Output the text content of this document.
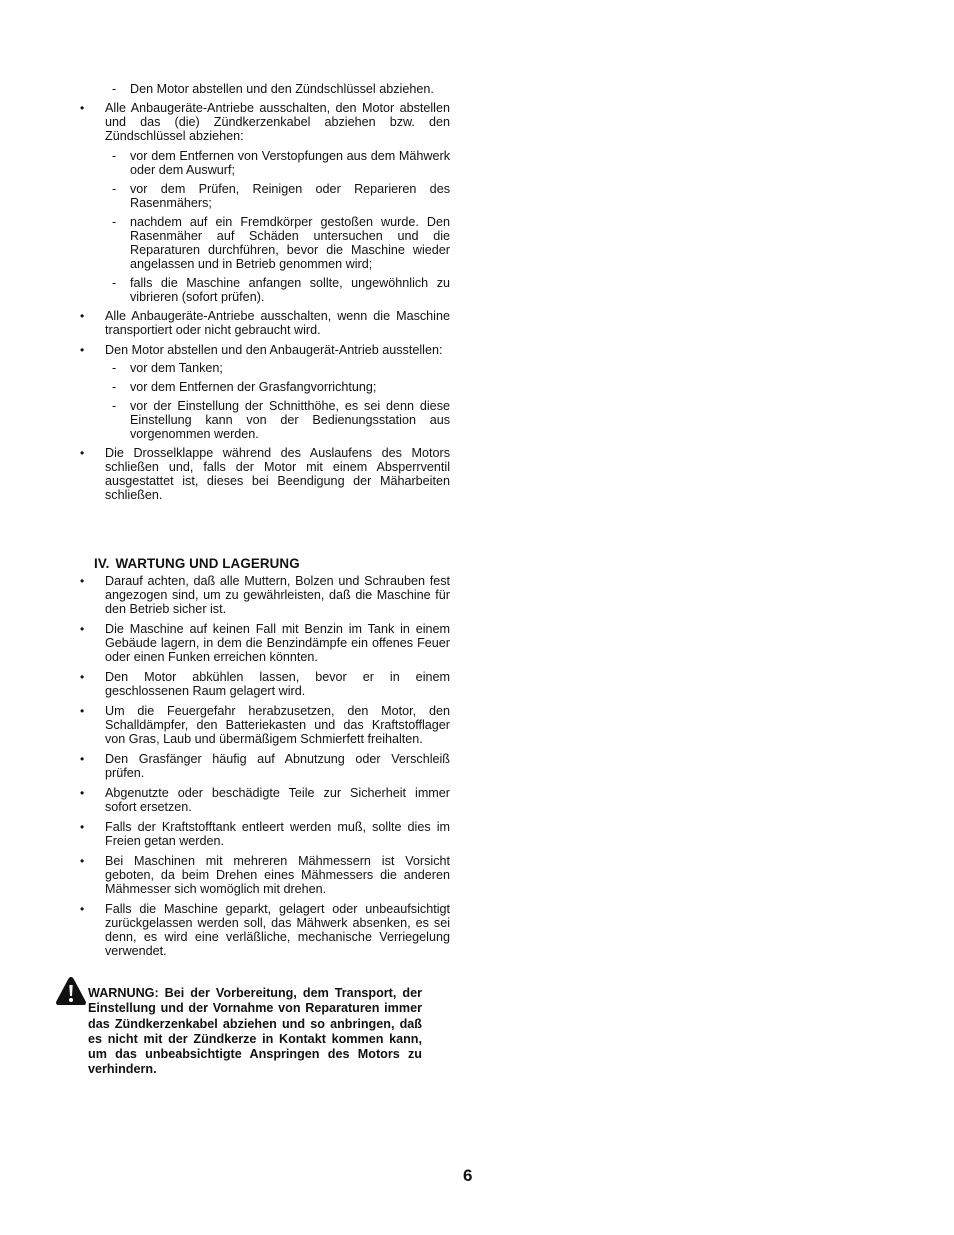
- Den Motor abstellen und den Zündschlüssel abziehen.
• Alle Anbaugeräte-Antriebe ausschalten, den Motor abstellen und das (die) Zündkerzenkabel abziehen bzw. den Zündschlüssel abziehen:
- vor dem Entfernen von Verstopfungen aus dem Mähwerk oder dem Auswurf;
- vor dem Prüfen, Reinigen oder Reparieren des Rasenmähers;
- nachdem auf ein Fremdkörper gestoßen wurde. Den Rasenmäher auf Schäden untersuchen und die Reparaturen durchführen, bevor die Maschine wieder angelassen und in Betrieb genommen wird;
- falls die Maschine anfangen sollte, ungewöhnlich zu vibrieren (sofort prüfen).
• Alle Anbaugeräte-Antriebe ausschalten, wenn die Maschine transportiert oder nicht gebraucht wird.
• Den Motor abstellen und den Anbaugerät-Antrieb ausstellen:
- vor dem Tanken;
- vor dem Entfernen der Grasfangvorrichtung;
- vor der Einstellung der Schnitthöhe, es sei denn diese Einstellung kann von der Bedienungsstation aus vorgenommen werden.
• Die Drosselklappe während des Auslaufens des Motors schließen und, falls der Motor mit einem Absperrventil ausgestattet ist, dieses bei Beendigung der Mäharbeiten schließen.
IV. WARTUNG UND LAGERUNG
• Darauf achten, daß alle Muttern, Bolzen und Schrauben fest angezogen sind, um zu gewährleisten, daß die Maschine für den Betrieb sicher ist.
• Die Maschine auf keinen Fall mit Benzin im Tank in einem Gebäude lagern, in dem die Benzindämpfe ein offenes Feuer oder einen Funken erreichen könnten.
• Den Motor abkühlen lassen, bevor er in einem geschlossenen Raum gelagert wird.
• Um die Feuergefahr herabzusetzen, den Motor, den Schalldämpfer, den Batteriekasten und das Kraftstofflager von Gras, Laub und übermäßigem Schmierfett freihalten.
• Den Grasfänger häufig auf Abnutzung oder Verschleiß prüfen.
• Abgenutzte oder beschädigte Teile zur Sicherheit immer sofort ersetzen.
• Falls der Kraftstofftank entleert werden muß, sollte dies im Freien getan werden.
• Bei Maschinen mit mehreren Mähmessern ist Vorsicht geboten, da beim Drehen eines Mähmessers die anderen Mähmesser sich womöglich mit drehen.
• Falls die Maschine geparkt, gelagert oder unbeaufsichtigt zurückgelassen werden soll, das Mähwerk absenken, es sei denn, es wird eine verläßliche, mechanische Verriegelung verwendet.
WARNUNG: Bei der Vorbereitung, dem Transport, der Einstellung und der Vornahme von Reparaturen immer das Zündkerzenkabel abziehen und so anbringen, daß es nicht mit der Zündkerze in Kontakt kommen kann, um das unbeabsichtigte Anspringen des Motors zu verhindern.
6
